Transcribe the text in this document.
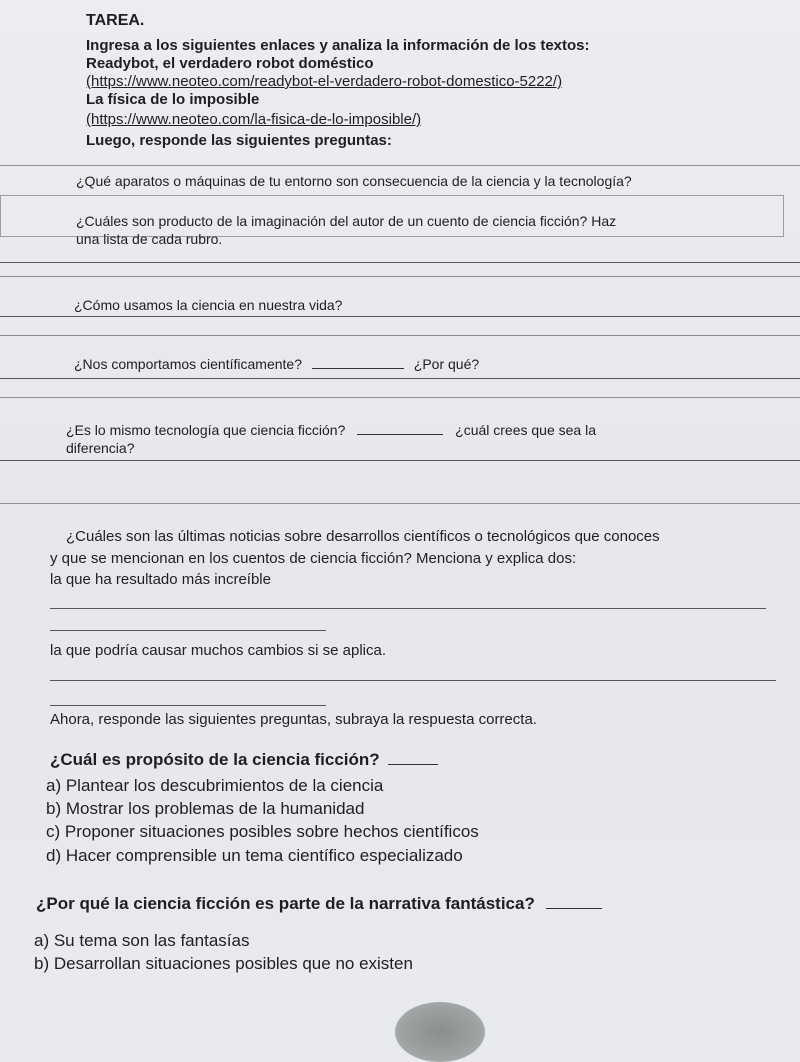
TAREA.
Ingresa a los siguientes enlaces y analiza la información de los textos:
Readybot, el verdadero robot doméstico
(https://www.neoteo.com/readybot-el-verdadero-robot-domestico-5222/)
La física de lo imposible
(https://www.neoteo.com/la-fisica-de-lo-imposible/)
Luego, responde las siguientes preguntas:
¿Qué aparatos o máquinas de tu entorno son consecuencia de la ciencia y la tecnología?
¿Cuáles son producto de la imaginación del autor de un cuento de ciencia ficción? Haz
una lista de cada rubro.
¿Cómo usamos la ciencia en nuestra vida?
¿Nos comportamos científicamente?	¿Por qué?
¿Es lo mismo tecnología que ciencia ficción?	¿cuál crees que sea la
diferencia?
¿Cuáles son las últimas noticias sobre desarrollos científicos o tecnológicos que conoces
y que se mencionan en los cuentos de ciencia ficción? Menciona y explica dos:
la que ha resultado más increíble
la que podría causar muchos cambios si se aplica.
Ahora, responde las siguientes preguntas, subraya la respuesta correcta.
¿Cuál es propósito de la ciencia ficción?
a) Plantear los descubrimientos de la ciencia
b) Mostrar los problemas de la humanidad
c) Proponer situaciones posibles sobre hechos científicos
d) Hacer comprensible un tema científico especializado
¿Por qué la ciencia ficción es parte de la narrativa fantástica?
a) Su tema son las fantasías
b) Desarrollan situaciones posibles que no existen
